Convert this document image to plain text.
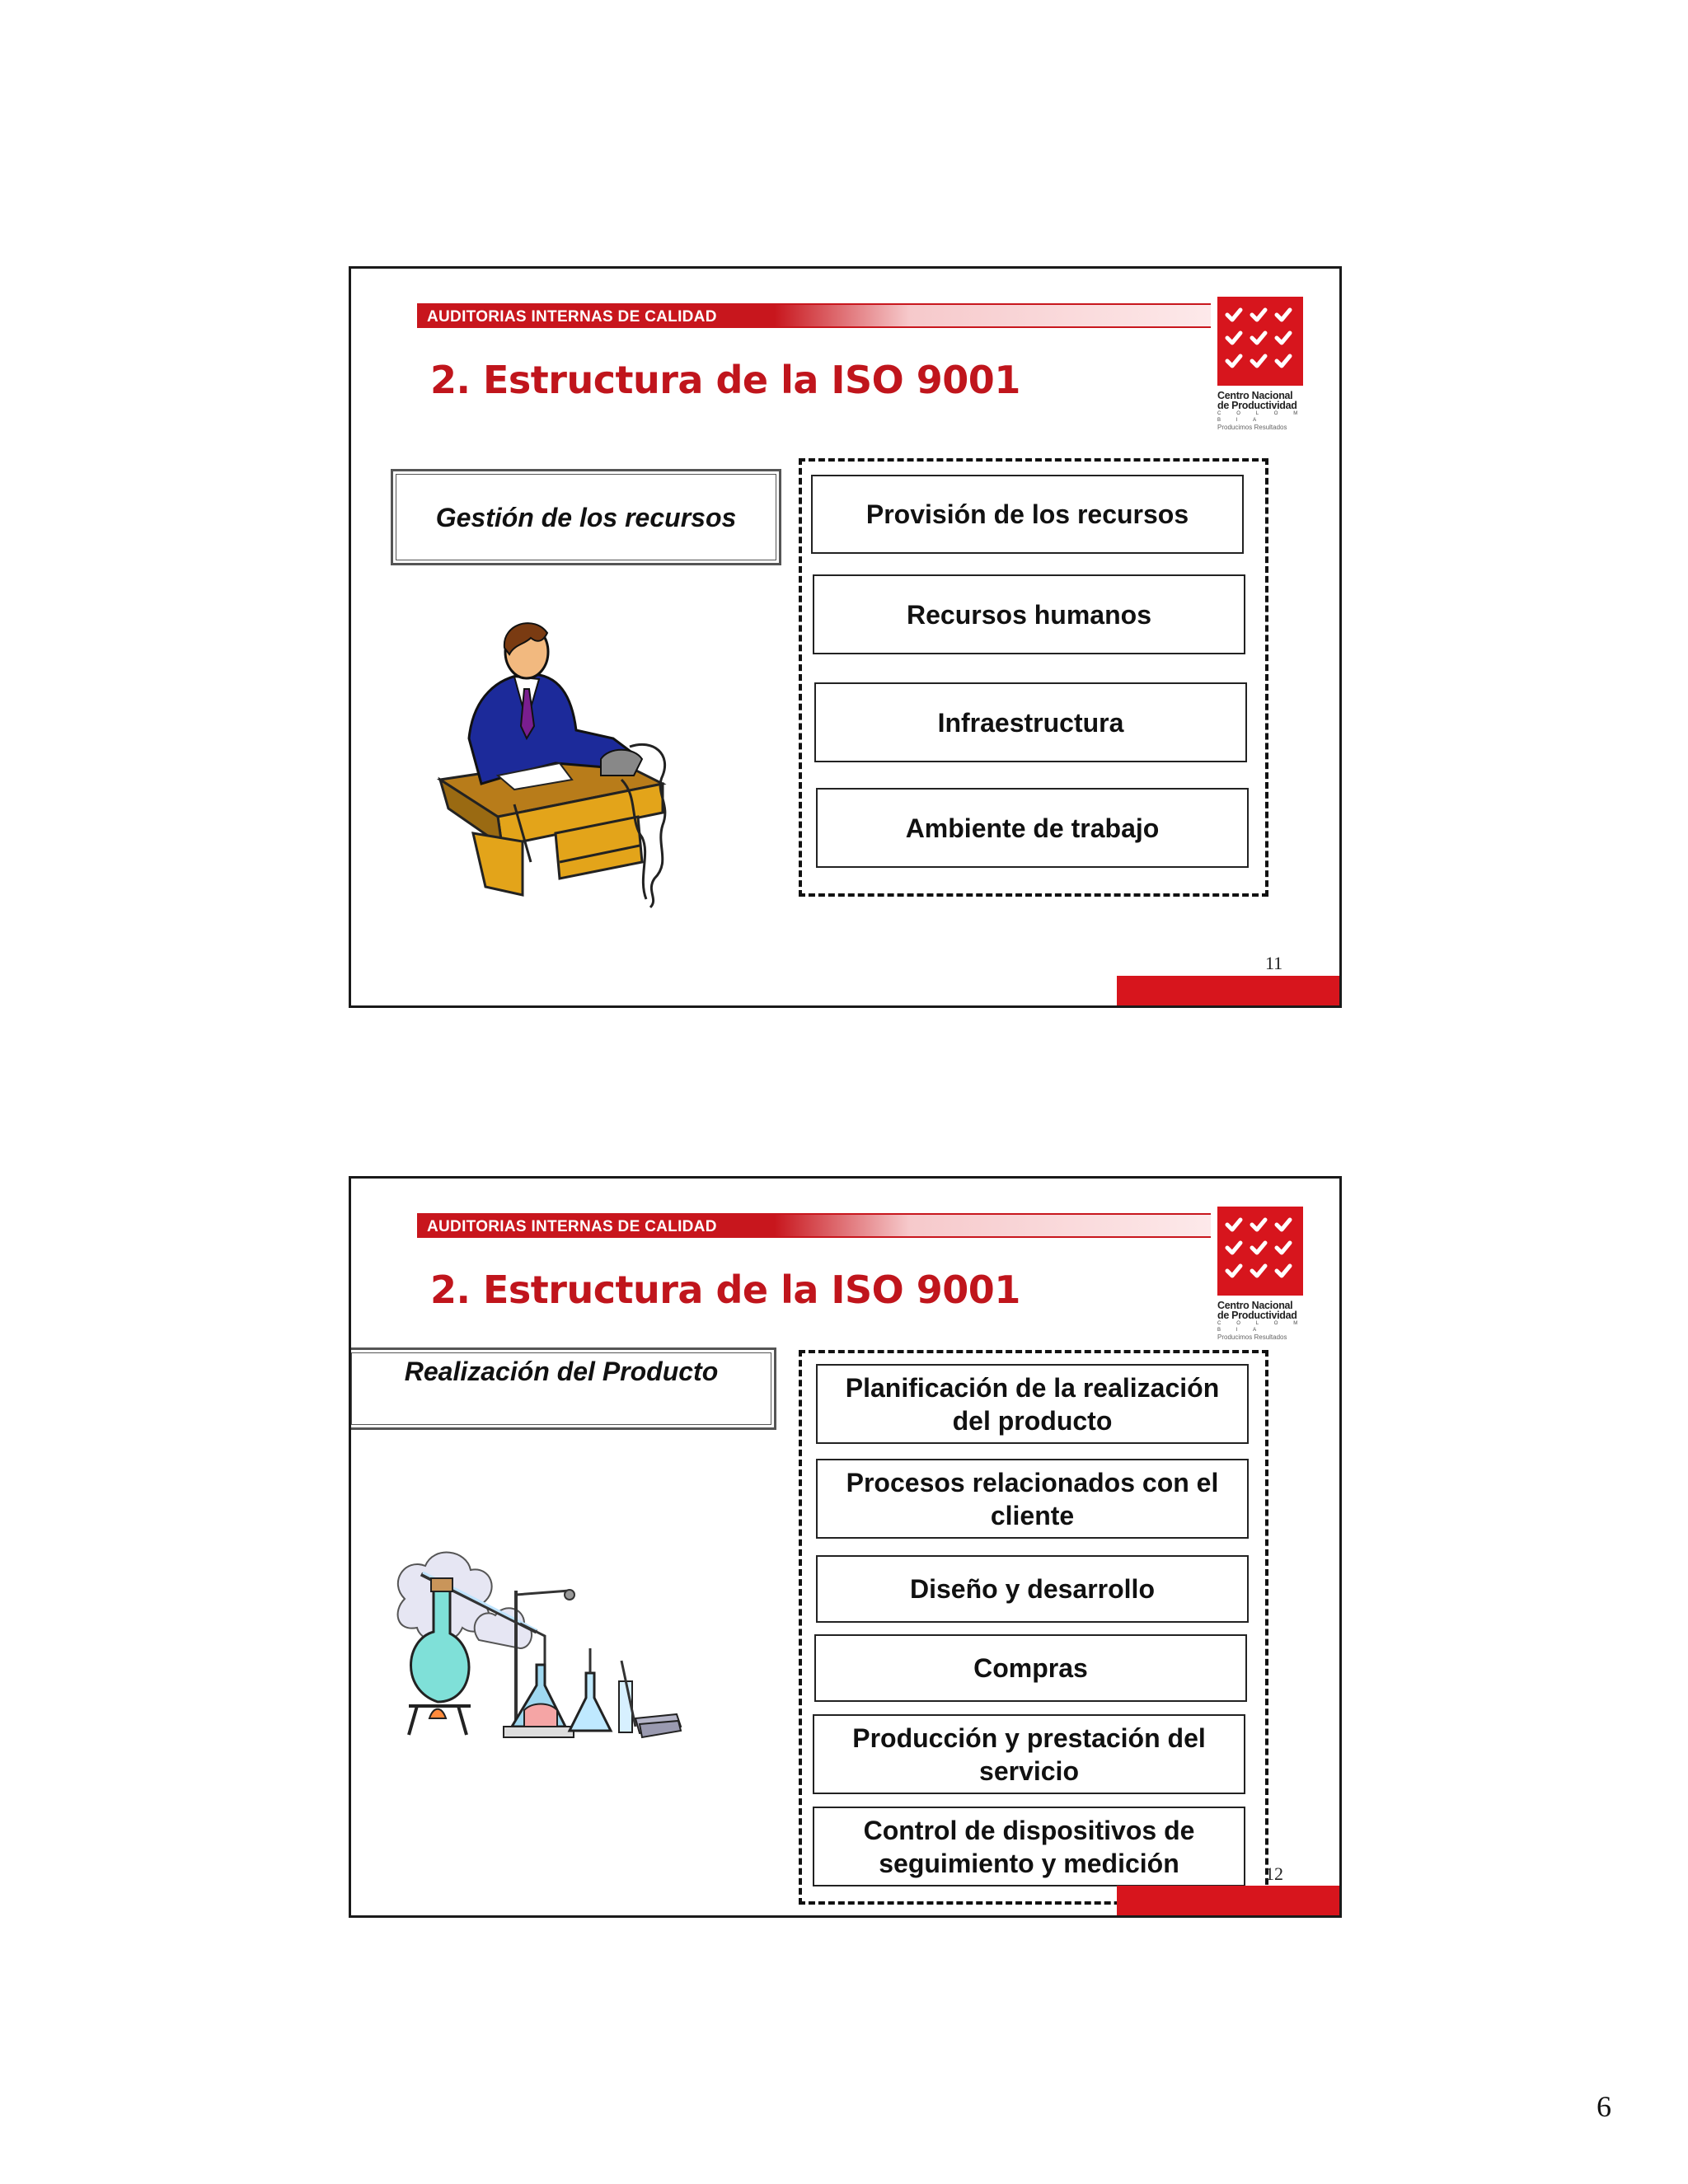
AUDITORIAS INTERNAS DE CALIDAD
2. Estructura de la ISO 9001	Centro Nacional
de Productividad
C O L O M B I A
Producimos Resultados
Gestión de los recursos	Provisión de los recursos
Recursos humanos
Infraestructura
Ambiente de trabajo
11
AUDITORIAS INTERNAS DE CALIDAD
2. Estructura de la ISO 9001	Centro Nacional
de Productividad
C O L O M B I A
Producimos Resultados
Realización del Producto
Planificación de la realización del producto
Procesos relacionados con el cliente
Diseño y desarrollo
Compras
Producción y prestación del servicio
Control de dispositivos de seguimiento y medición	12
6
